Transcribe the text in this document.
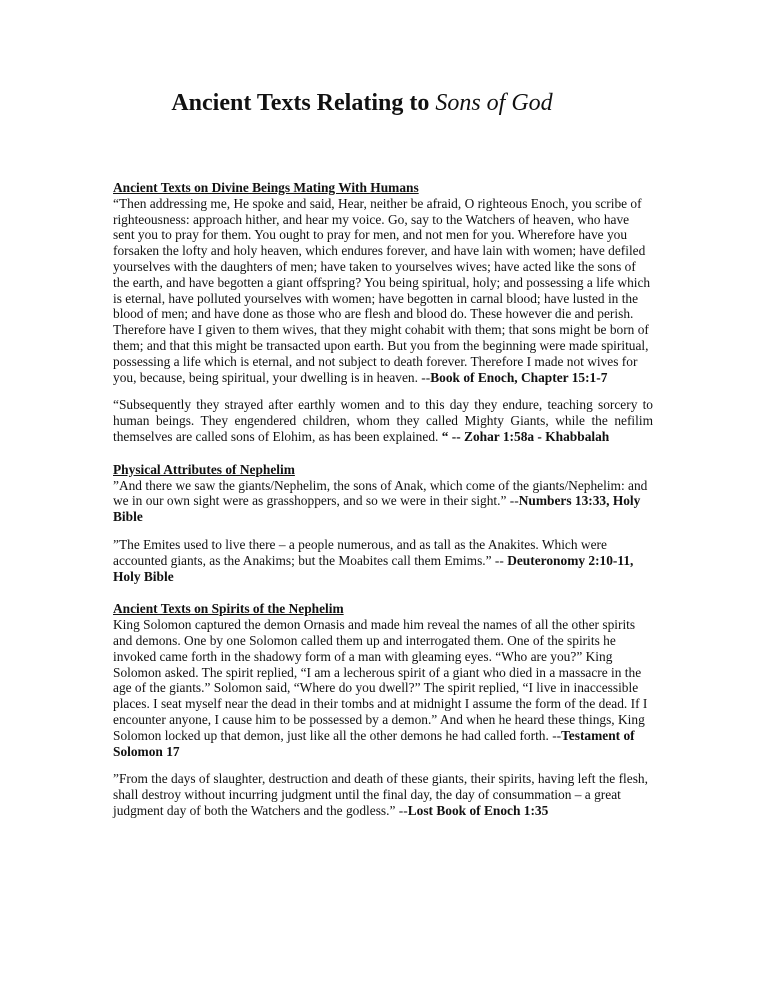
Ancient Texts Relating to Sons of God

Ancient Texts on Divine Beings Mating With Humans
“Then addressing me, He spoke and said, Hear, neither be afraid, O righteous Enoch, you scribe of righteousness: approach hither, and hear my voice. Go, say to the Watchers of heaven, who have sent you to pray for them. You ought to pray for men, and not men for you. Wherefore have you forsaken the lofty and holy heaven, which endures forever, and have lain with women; have defiled yourselves with the daughters of men; have taken to yourselves wives; have acted like the sons of the earth, and have begotten a giant offspring? You being spiritual, holy; and possessing a life which is eternal, have polluted yourselves with women; have begotten in carnal blood; have lusted in the blood of men; and have done as those who are flesh and blood do. These however die and perish. Therefore have I given to them wives, that they might cohabit with them; that sons might be born of them; and that this might be transacted upon earth. But you from the beginning were made spiritual, possessing a life which is eternal, and not subject to death forever. Therefore I made not wives for you, because, being spiritual, your dwelling is in heaven. --Book of Enoch, Chapter 15:1-7

“Subsequently they strayed after earthly women and to this day they endure, teaching sorcery to human beings. They engendered children, whom they called Mighty Giants, while the nefilim themselves are called sons of Elohim, as has been explained. “ -- Zohar 1:58a - Khabbalah

Physical Attributes of Nephelim
”And there we saw the giants/Nephelim, the sons of Anak, which come of the giants/Nephelim: and we in our own sight were as grasshoppers, and so we were in their sight.” --Numbers 13:33, Holy Bible

”The Emites used to live there – a people numerous, and as tall as the Anakites. Which were accounted giants, as the Anakims; but the Moabites call them Emims.” -- Deuteronomy 2:10-11, Holy Bible

Ancient Texts on Spirits of the Nephelim
King Solomon captured the demon Ornasis and made him reveal the names of all the other spirits and demons. One by one Solomon called them up and interrogated them. One of the spirits he invoked came forth in the shadowy form of a man with gleaming eyes. “Who are you?” King Solomon asked. The spirit replied, “I am a lecherous spirit of a giant who died in a massacre in the age of the giants.” Solomon said, “Where do you dwell?” The spirit replied, “I live in inaccessible places. I seat myself near the dead in their tombs and at midnight I assume the form of the dead. If I encounter anyone, I cause him to be possessed by a demon.” And when he heard these things, King Solomon locked up that demon, just like all the other demons he had called forth. --Testament of Solomon 17

”From the days of slaughter, destruction and death of these giants, their spirits, having left the flesh, shall destroy without incurring judgment until the final day, the day of consummation – a great judgment day of both the Watchers and the godless.” --Lost Book of Enoch 1:35
